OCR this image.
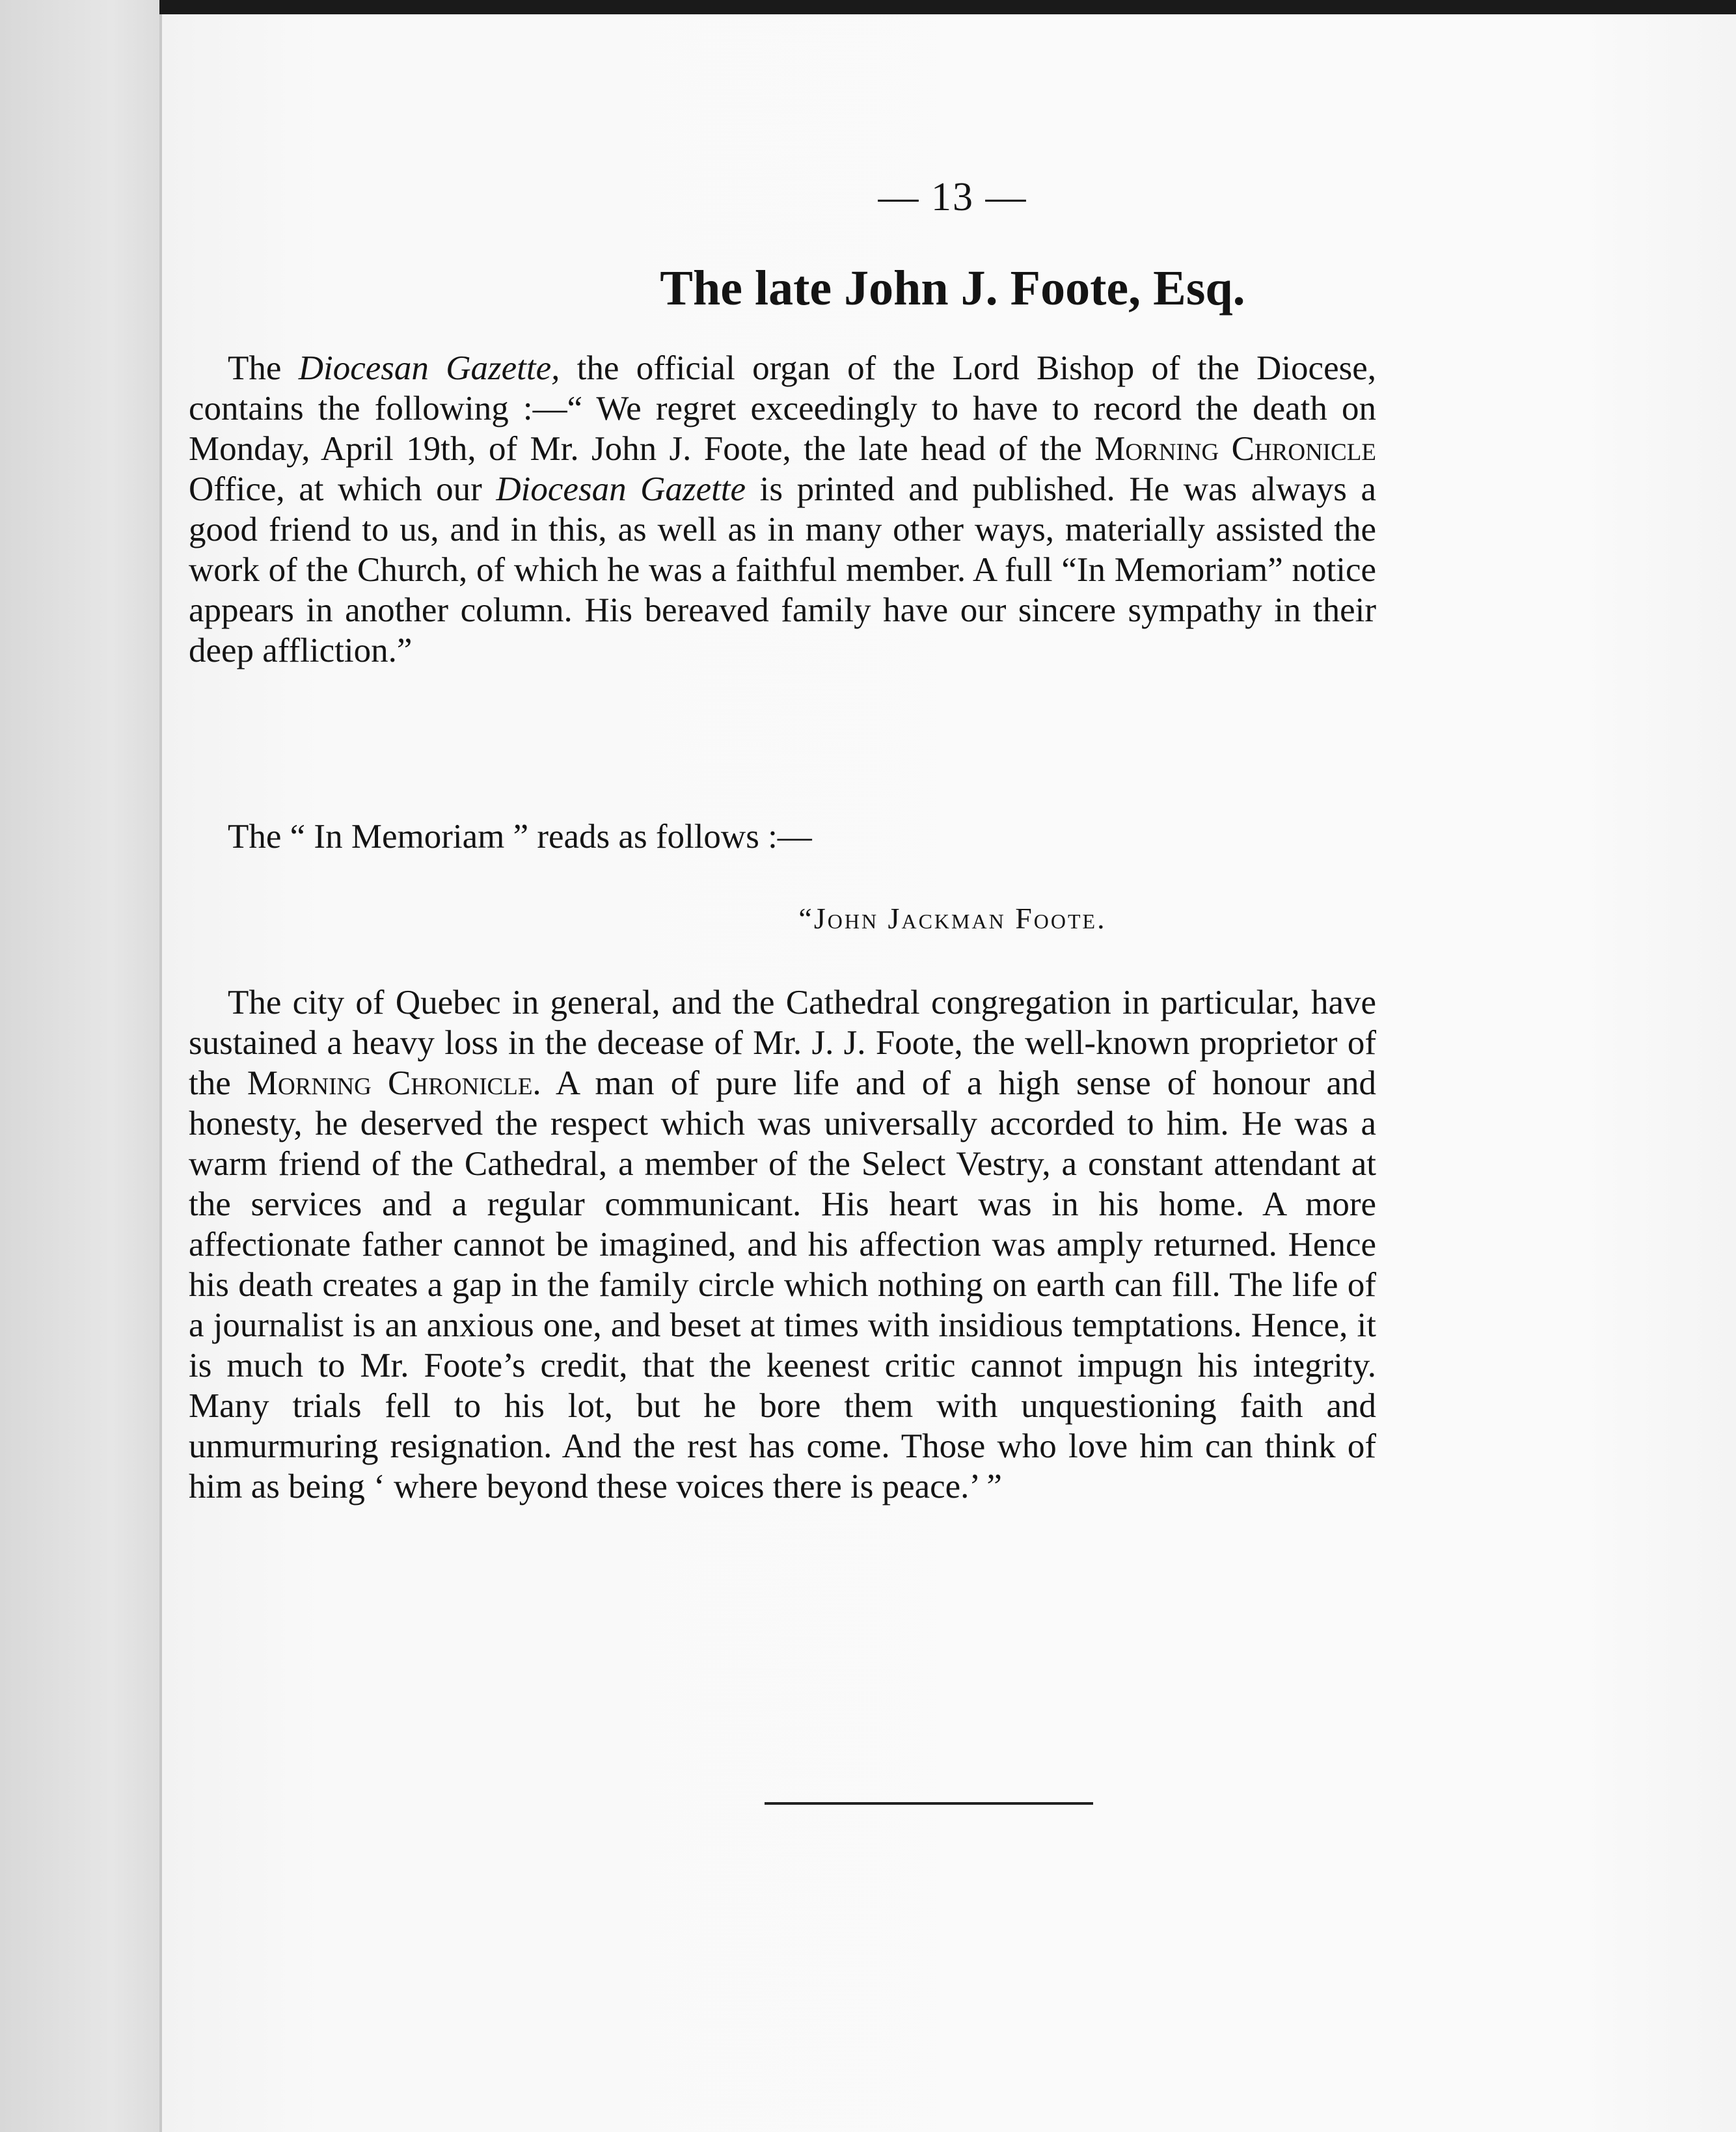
— 13 —
The late John J. Foote, Esq.

The Diocesan Gazette, the official organ of the Lord Bishop of the Diocese, contains the following :—“ We regret exceedingly to have to record the death on Monday, April 19th, of Mr. John J. Foote, the late head of the Morning Chronicle Office, at which our Diocesan Gazette is printed and published. He was always a good friend to us, and in this, as well as in many other ways, materially assisted the work of the Church, of which he was a faithful member. A full “In Memoriam” notice appears in another column. His bereaved family have our sincere sympathy in their deep affliction.”

The “ In Memoriam ” reads as follows :—

“John Jackman Foote.

The city of Quebec in general, and the Cathedral congregation in particular, have sustained a heavy loss in the decease of Mr. J. J. Foote, the well-known proprietor of the Morning Chronicle. A man of pure life and of a high sense of honour and honesty, he deserved the respect which was universally accorded to him. He was a warm friend of the Cathedral, a member of the Select Vestry, a constant attendant at the services and a regular communicant. His heart was in his home. A more affectionate father cannot be imagined, and his affection was amply returned. Hence his death creates a gap in the family circle which nothing on earth can fill. The life of a journalist is an anxious one, and beset at times with insidious temptations. Hence, it is much to Mr. Foote’s credit, that the keenest critic cannot impugn his integrity. Many trials fell to his lot, but he bore them with unquestioning faith and unmurmuring resignation. And the rest has come. Those who love him can think of him as being ‘ where beyond these voices there is peace.’ ”
